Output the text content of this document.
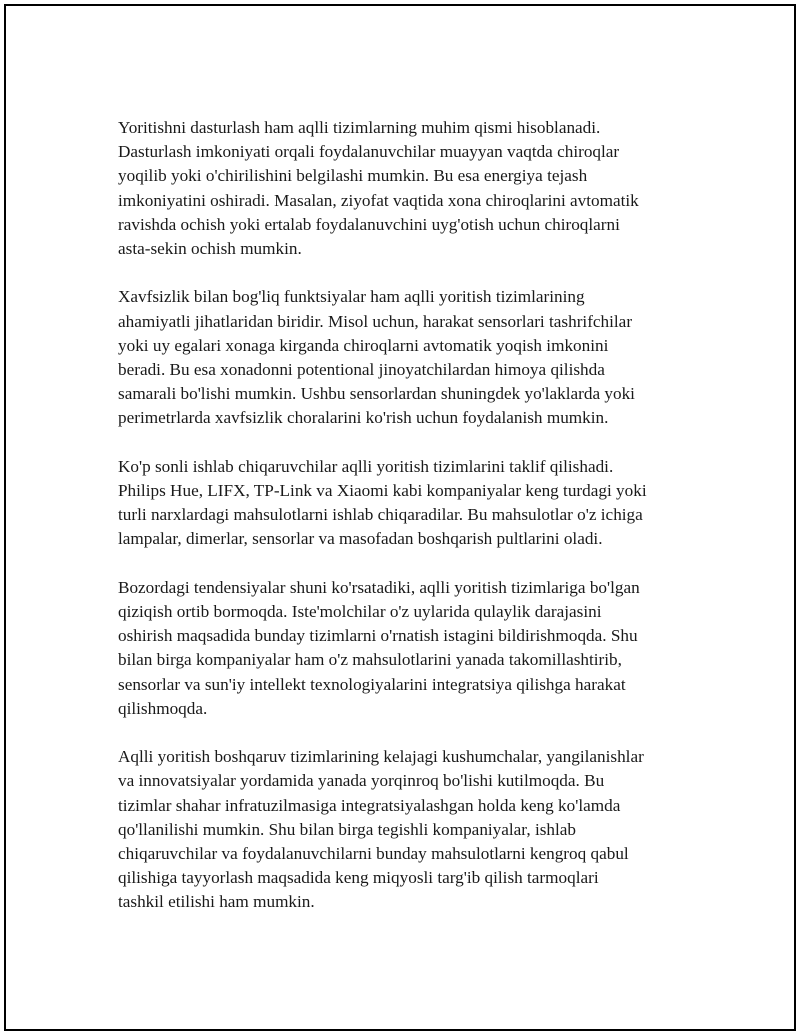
Yoritishni dasturlash ham aqlli tizimlarning muhim qismi hisoblanadi.
Dasturlash imkoniyati orqali foydalanuvchilar muayyan vaqtda chiroqlar
yoqilib yoki o'chirilishini belgilashi mumkin. Bu esa energiya tejash
imkoniyatini oshiradi. Masalan, ziyofat vaqtida xona chiroqlarini avtomatik
ravishda ochish yoki ertalab foydalanuvchini uyg'otish uchun chiroqlarni
asta-sekin ochish mumkin.

Xavfsizlik bilan bog'liq funktsiyalar ham aqlli yoritish tizimlarining
ahamiyatli jihatlaridan biridir. Misol uchun, harakat sensorlari tashrifchilar
yoki uy egalari xonaga kirganda chiroqlarni avtomatik yoqish imkonini
beradi. Bu esa xonadonni potentional jinoyatchilardan himoya qilishda
samarali bo'lishi mumkin. Ushbu sensorlardan shuningdek yo'laklarda yoki
perimetrlarda xavfsizlik choralarini ko'rish uchun foydalanish mumkin.

Ko'p sonli ishlab chiqaruvchilar aqlli yoritish tizimlarini taklif qilishadi.
Philips Hue, LIFX, TP-Link va Xiaomi kabi kompaniyalar keng turdagi yoki
turli narxlardagi mahsulotlarni ishlab chiqaradilar. Bu mahsulotlar o'z ichiga
lampalar, dimerlar, sensorlar va masofadan boshqarish pultlarini oladi.

Bozordagi tendensiyalar shuni ko'rsatadiki, aqlli yoritish tizimlariga bo'lgan
qiziqish ortib bormoqda. Iste'molchilar o'z uylarida qulaylik darajasini
oshirish maqsadida bunday tizimlarni o'rnatish istagini bildirishmoqda. Shu
bilan birga kompaniyalar ham o'z mahsulotlarini yanada takomillashtirib,
sensorlar va sun'iy intellekt texnologiyalarini integratsiya qilishga harakat
qilishmoqda.

Aqlli yoritish boshqaruv tizimlarining kelajagi kushumchalar, yangilanishlar
va innovatsiyalar yordamida yanada yorqinroq bo'lishi kutilmoqda. Bu
tizimlar shahar infratuzilmasiga integratsiyalashgan holda keng ko'lamda
qo'llanilishi mumkin. Shu bilan birga tegishli kompaniyalar, ishlab
chiqaruvchilar va foydalanuvchilarni bunday mahsulotlarni kengroq qabul
qilishiga tayyorlash maqsadida keng miqyosli targ'ib qilish tarmoqlari
tashkil etilishi ham mumkin.
